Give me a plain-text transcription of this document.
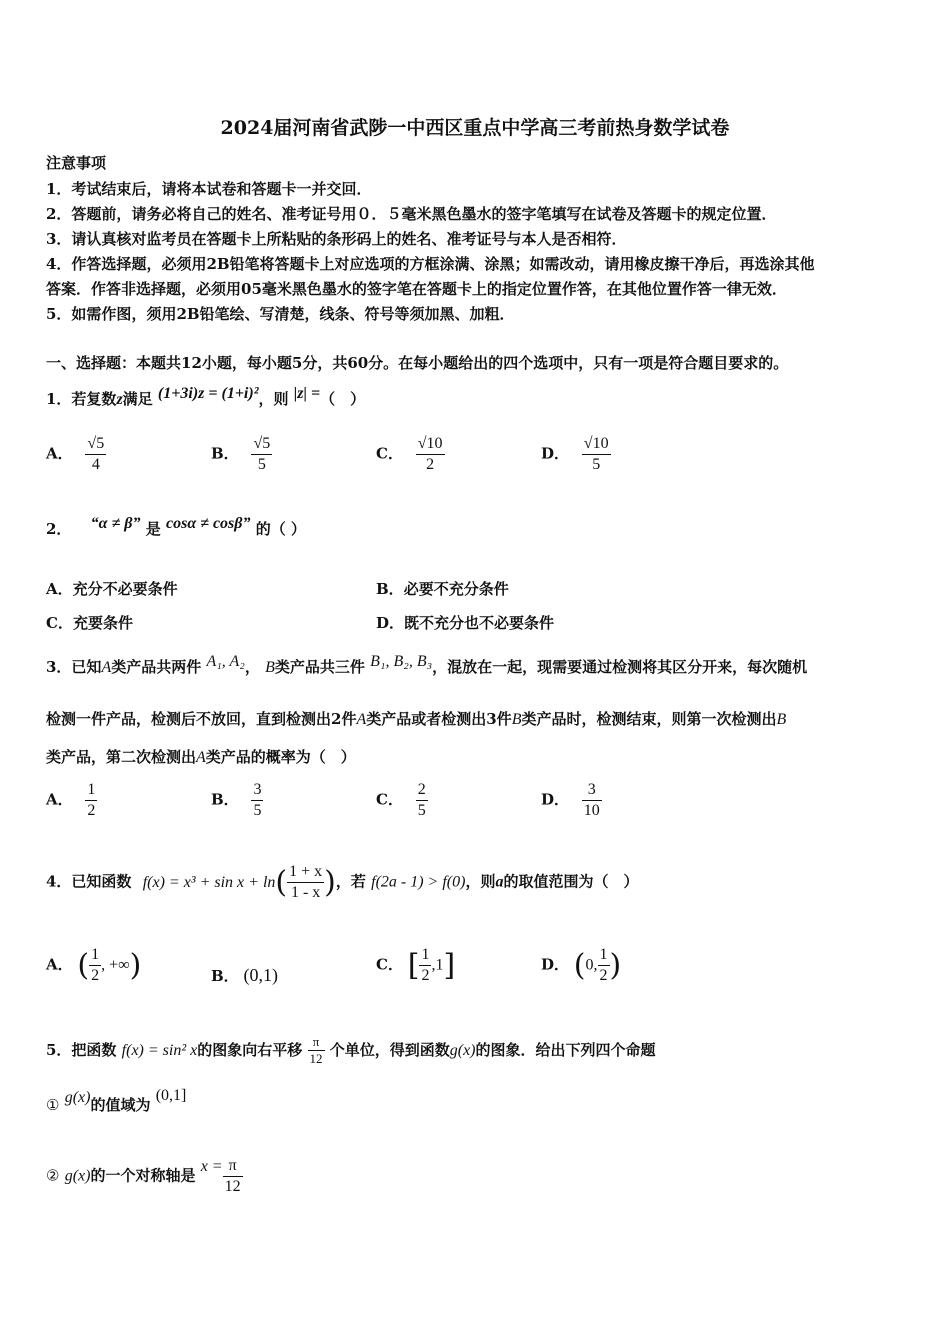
2024届河南省武陟一中西区重点中学高三考前热身数学试卷
注意事项
1．考试结束后，请将本试卷和答题卡一并交回．
2．答题前，请务必将自己的姓名、准考证号用０．５毫米黑色墨水的签字笔填写在试卷及答题卡的规定位置．
3．请认真核对监考员在答题卡上所粘贴的条形码上的姓名、准考证号与本人是否相符．
4．作答选择题，必须用2B铅笔将答题卡上对应选项的方框涂满、涂黑；如需改动，请用橡皮擦干净后，再选涂其他
答案．作答非选择题，必须用05毫米黑色墨水的签字笔在答题卡上的指定位置作答，在其他位置作答一律无效．
5．如需作图，须用2B铅笔绘、写清楚，线条、符号等须加黑、加粗．
一、选择题：本题共12小题，每小题5分，共60分。在每小题给出的四个选项中，只有一项是符合题目要求的。
1．若复数z满足 (1+3i)z = (1+i)²，则 |z| =（　）
A． $\frac{√5}{4}$	B． $\frac{√5}{5}$	C． $\frac{√10}{2}$	D． $\frac{√10}{5}$
2． “α ≠ β” 是 cosα ≠ cosβ” 的（ ）
A．充分不必要条件	B．必要不充分条件
C．充要条件	D．既不充分也不必要条件
3．已知A类产品共两件 A₁, A₂， B类产品共三件 B₁, B₂, B₃，混放在一起，现需要通过检测将其区分开来，每次随机
检测一件产品，检测后不放回，直到检测出2件A类产品或者检测出3件B类产品时，检测结束，则第一次检测出B
类产品，第二次检测出A类产品的概率为（　）
A． $\frac{1}{2}$	B． $\frac{3}{5}$	C． $\frac{2}{5}$	D． $\frac{3}{10}$
4．已知函数 $f(x) = x^3 + \sin x + \ln( \frac{1 + x}{1 - x}$ )，若 f(2a - 1) > f(0)，则a的取值范围为（　）
A． ( $\frac{1}{2}$ , +∞)	B． (0,1)
C． [ $\frac{1}{2} ,1$]	D． (0, $\frac{1}{2}$ )
5．把函数 f(x) = sin² x的图象向右平移 $\frac{\pi}{12}$ 个单位，得到函数g(x)的图象．给出下列四个命题
① g(x)的值域为 (0,1]
② g(x)的一个对称轴是 $x = \frac{\pi}{12}$
